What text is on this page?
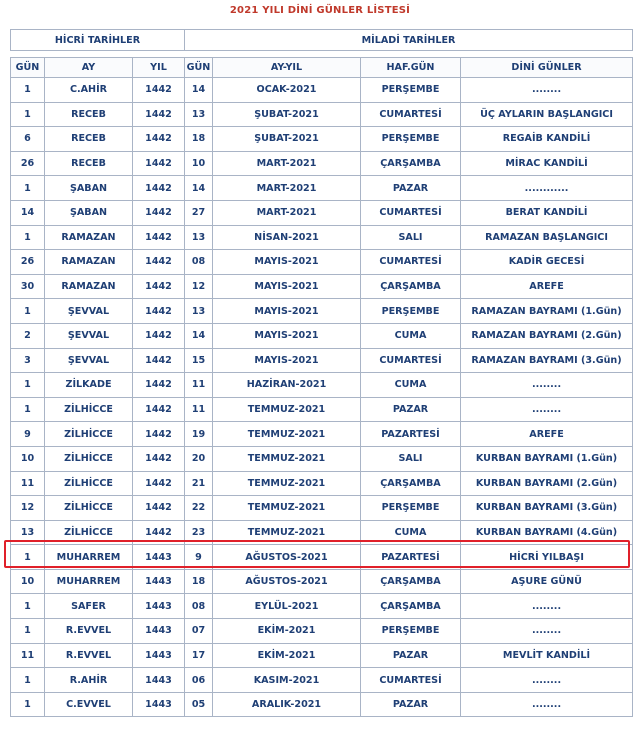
2021 YILI DİNİ GÜNLER LİSTESİ
HİCRİ TARİHLER			MİLADİ TARİHLER			

GÜN	AY	YIL	GÜN	AY-YIL	HAF.GÜN	DİNİ GÜNLER
1	C.AHİR	1442	14	OCAK-2021	PERŞEMBE	........
1	RECEB	1442	13	ŞUBAT-2021	CUMARTESİ	ÜÇ AYLARIN BAŞLANGICI
6	RECEB	1442	18	ŞUBAT-2021	PERŞEMBE	REGAİB KANDİLİ
26	RECEB	1442	10	MART-2021	ÇARŞAMBA	MİRAC KANDİLİ
1	ŞABAN	1442	14	MART-2021	PAZAR	............
14	ŞABAN	1442	27	MART-2021	CUMARTESİ	BERAT KANDİLİ
1	RAMAZAN	1442	13	NİSAN-2021	SALI	RAMAZAN BAŞLANGICI
26	RAMAZAN	1442	08	MAYIS-2021	CUMARTESİ	KADİR GECESİ
30	RAMAZAN	1442	12	MAYIS-2021	ÇARŞAMBA	AREFE
1	ŞEVVAL	1442	13	MAYIS-2021	PERŞEMBE	RAMAZAN BAYRAMI (1.Gün)
2	ŞEVVAL	1442	14	MAYIS-2021	CUMA	RAMAZAN BAYRAMI (2.Gün)
3	ŞEVVAL	1442	15	MAYIS-2021	CUMARTESİ	RAMAZAN BAYRAMI (3.Gün)
1	ZİLKADE	1442	11	HAZİRAN-2021	CUMA	........
1	ZİLHİCCE	1442	11	TEMMUZ-2021	PAZAR	........
9	ZİLHİCCE	1442	19	TEMMUZ-2021	PAZARTESİ	AREFE
10	ZİLHİCCE	1442	20	TEMMUZ-2021	SALI	KURBAN BAYRAMI (1.Gün)
11	ZİLHİCCE	1442	21	TEMMUZ-2021	ÇARŞAMBA	KURBAN BAYRAMI (2.Gün)
12	ZİLHİCCE	1442	22	TEMMUZ-2021	PERŞEMBE	KURBAN BAYRAMI (3.Gün)
13	ZİLHİCCE	1442	23	TEMMUZ-2021	CUMA	KURBAN BAYRAMI (4.Gün)
1	MUHARREM	1443	9	AĞUSTOS-2021	PAZARTESİ	HİCRİ YILBAŞI
10	MUHARREM	1443	18	AĞUSTOS-2021	ÇARŞAMBA	AŞURE GÜNÜ
1	SAFER	1443	08	EYLÜL-2021	ÇARŞAMBA	........
1	R.EVVEL	1443	07	EKİM-2021	PERŞEMBE	........
11	R.EVVEL	1443	17	EKİM-2021	PAZAR	MEVLİT KANDİLİ
1	R.AHİR	1443	06	KASIM-2021	CUMARTESİ	........
1	C.EVVEL	1443	05	ARALIK-2021	PAZAR	........
